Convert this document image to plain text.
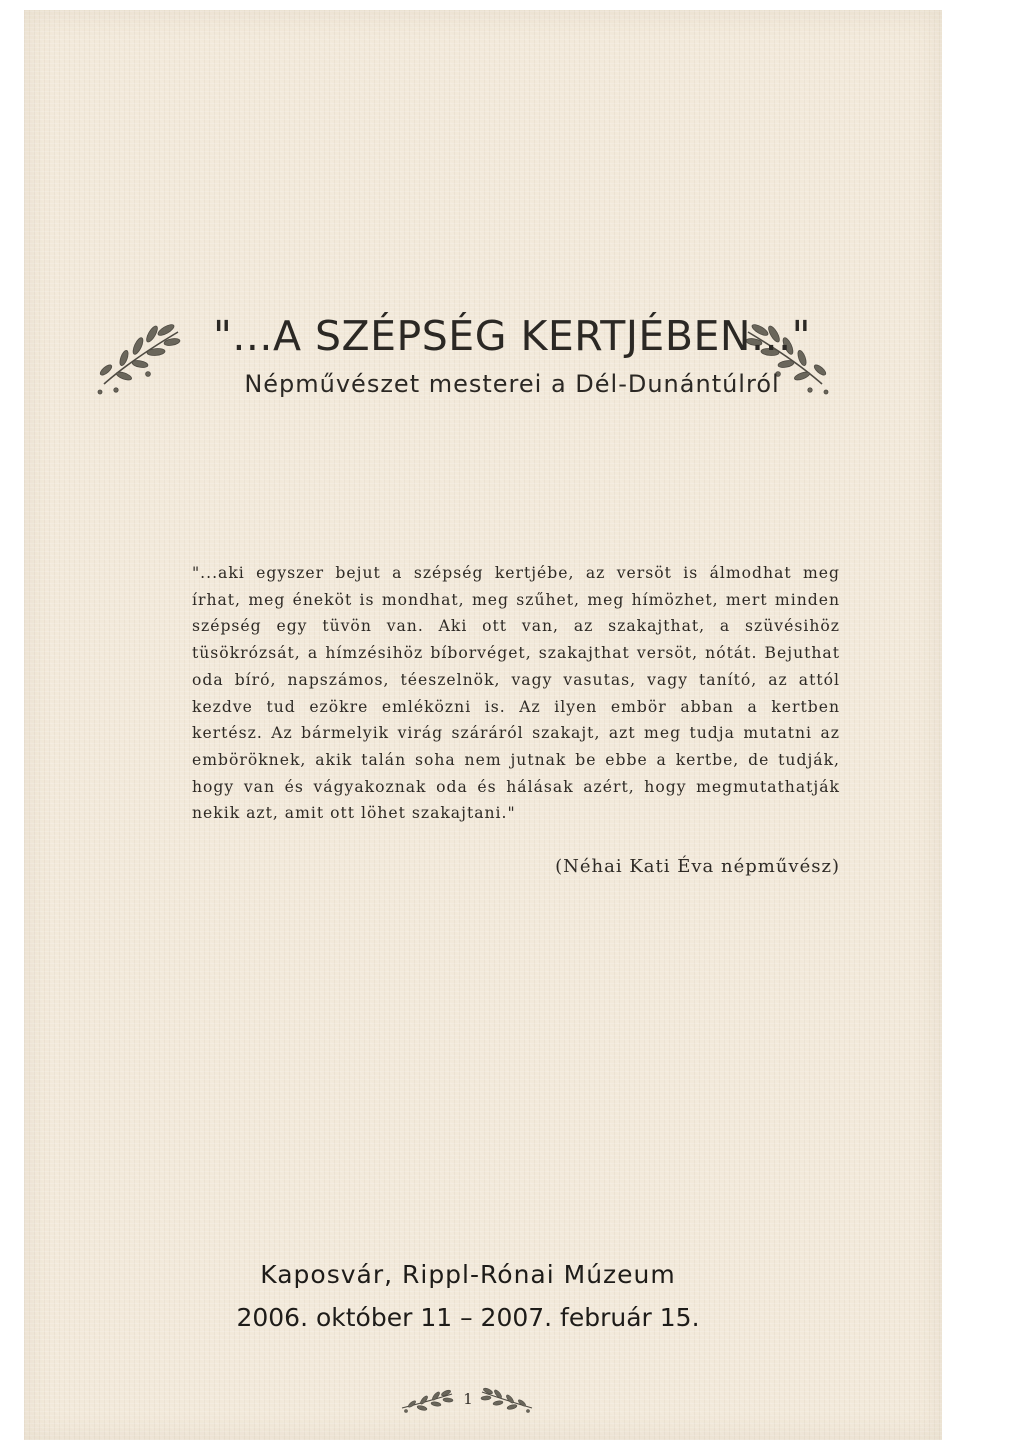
"...A SZÉPSÉG KERTJÉBEN..."
Népművészet mesterei a Dél-Dunántúlról

"...aki egyszer bejut a szépség kertjébe, az versöt is álmodhat meg írhat, meg éneköt is mondhat, meg szűhet, meg hímözhet, mert minden szépség egy tüvön van. Aki ott van, az szakajthat, a szüvésihöz tüsökrózsát, a hímzésihöz bíborvéget, szakajthat versöt, nótát. Bejuthat oda bíró, napszámos, téeszelnök, vagy vasutas, vagy tanító, az attól kezdve tud ezökre emléközni is. Az ilyen embör abban a kertben kertész. Az bármelyik virág száráról szakajt, azt meg tudja mutatni az emböröknek, akik talán soha nem jutnak be ebbe a kertbe, de tudják, hogy van és vágyakoznak oda és hálásak azért, hogy megmutathatják nekik azt, amit ott löhet szakajtani."

(Néhai Kati Éva népművész)
Kaposvár, Rippl-Rónai Múzeum
2006. október 11 – 2007. február 15.
1
